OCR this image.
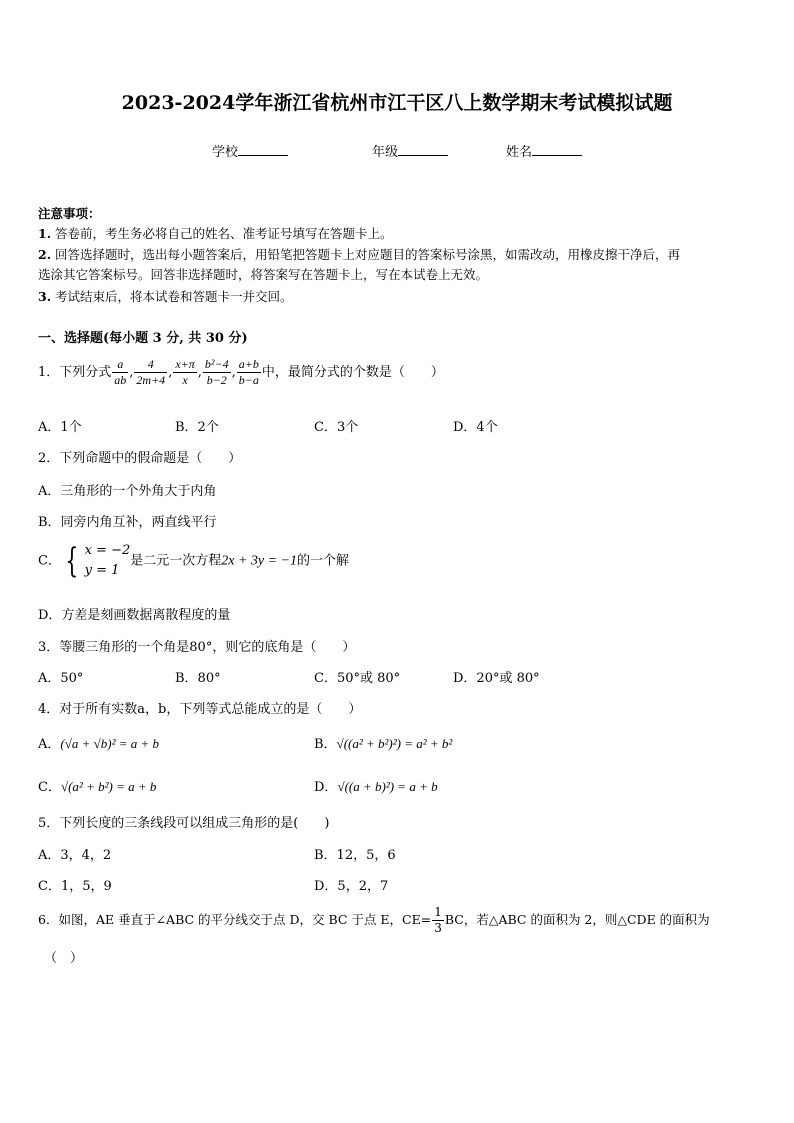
2023-2024学年浙江省杭州市江干区八上数学期末考试模拟试题
学校	年级	姓名
注意事项：
1. 答卷前，考生务必将自己的姓名、准考证号填写在答题卡上。
2. 回答选择题时，选出每小题答案后，用铅笔把答题卡上对应题目的答案标号涂黑，如需改动，用橡皮擦干净后，再
选涂其它答案标号。回答非选择题时，将答案写在答题卡上，写在本试卷上无效。
3. 考试结束后，将本试卷和答题卡一并交回。
一、选择题(每小题 3 分, 共 30 分)
1．下列分式 $\frac{a}{ab}$ , $\frac{4}{2m+4}$ , $\frac{x+\pi}{x}$ , $\frac{\text{b²−4}}{b-2}$ , $\frac{a+b}{b-a}$ 中，最简分式的个数是（　　）
A．1个	B．2个	C．3个	D．4个
2．下列命题中的假命题是（　　）
A．三角形的一个外角大于内角
B．同旁内角互补，两直线平行
C． { x = −2
y = 1
是二元一次方程2x + 3y = −1的一个解
D．方差是刻画数据离散程度的量
3．等腰三角形的一个角是80°，则它的底角是（　　）
A．50°	B．80°	C．50°或 80°	D．20°或 80°
4．对于所有实数a，b，下列等式总能成立的是（　　）
A．(√a + √b)² = a + b	B．√((a² + b²)²) = a² + b²
C．√(a² + b²) = a + b	D．√((a + b)²) = a + b
5．下列长度的三条线段可以组成三角形的是(　　)
A．3，4，2	B．12，5，6
C．1，5，9	D．5，2，7
6．如图，AE 垂直于∠ABC 的平分线交于点 D，交 BC 于点 E，$CE= \frac{1}{3}$ BC，若△ABC 的面积为 2，则△CDE 的面积为
（　）
